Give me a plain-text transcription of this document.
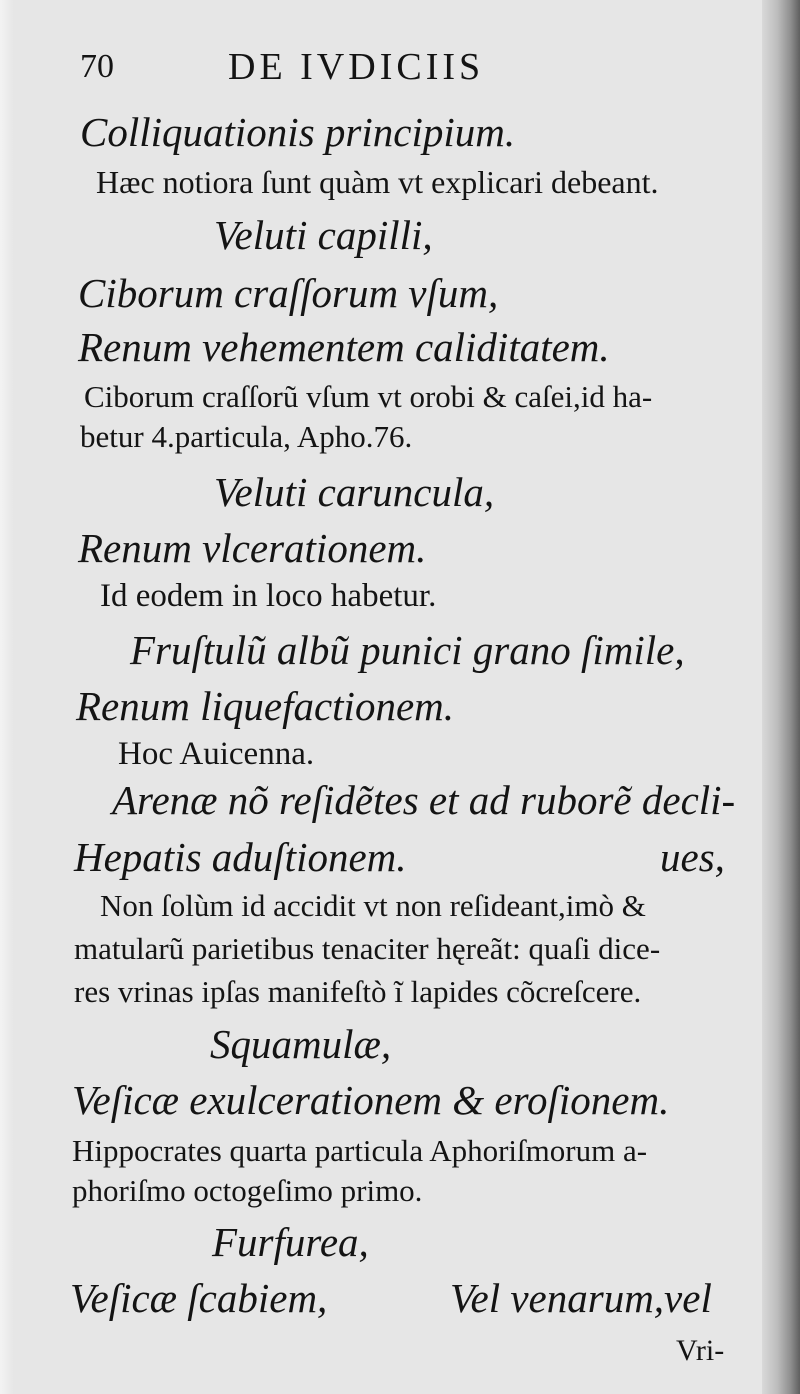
70	DE IVDICIIS
Colliquationis principium.
Hæc notiora ſunt quàm vt explicari debeant.
Veluti capilli,
Ciborum craſſorum vſum,
Renum vehementem caliditatem.
Ciborum craſſorũ vſum vt orobi & caſei,id ha-
betur 4.particula, Apho.76.
Veluti caruncula,
Renum vlcerationem.
Id eodem in loco habetur.
Fruſtulũ albũ punici grano ſimile,
Renum liquefactionem.
Hoc Auicenna.
Arenæ nõ reſidẽtes et ad ruborẽ decli-
Hepatis aduſtionem.	ues,
Non ſolùm id accidit vt non reſideant,imò &
matularũ parietibus tenaciter hęreãt: quaſi dice-
res vrinas ipſas manifeſtò ĩ lapides cõcreſcere.
Squamulæ,
Veſicæ exulcerationem & eroſionem.
Hippocrates quarta particula Aphoriſmorum a-
phoriſmo octogeſimo primo.
Furfurea,
Veſicæ ſcabiem,	Vel venarum,vel
Vri-
